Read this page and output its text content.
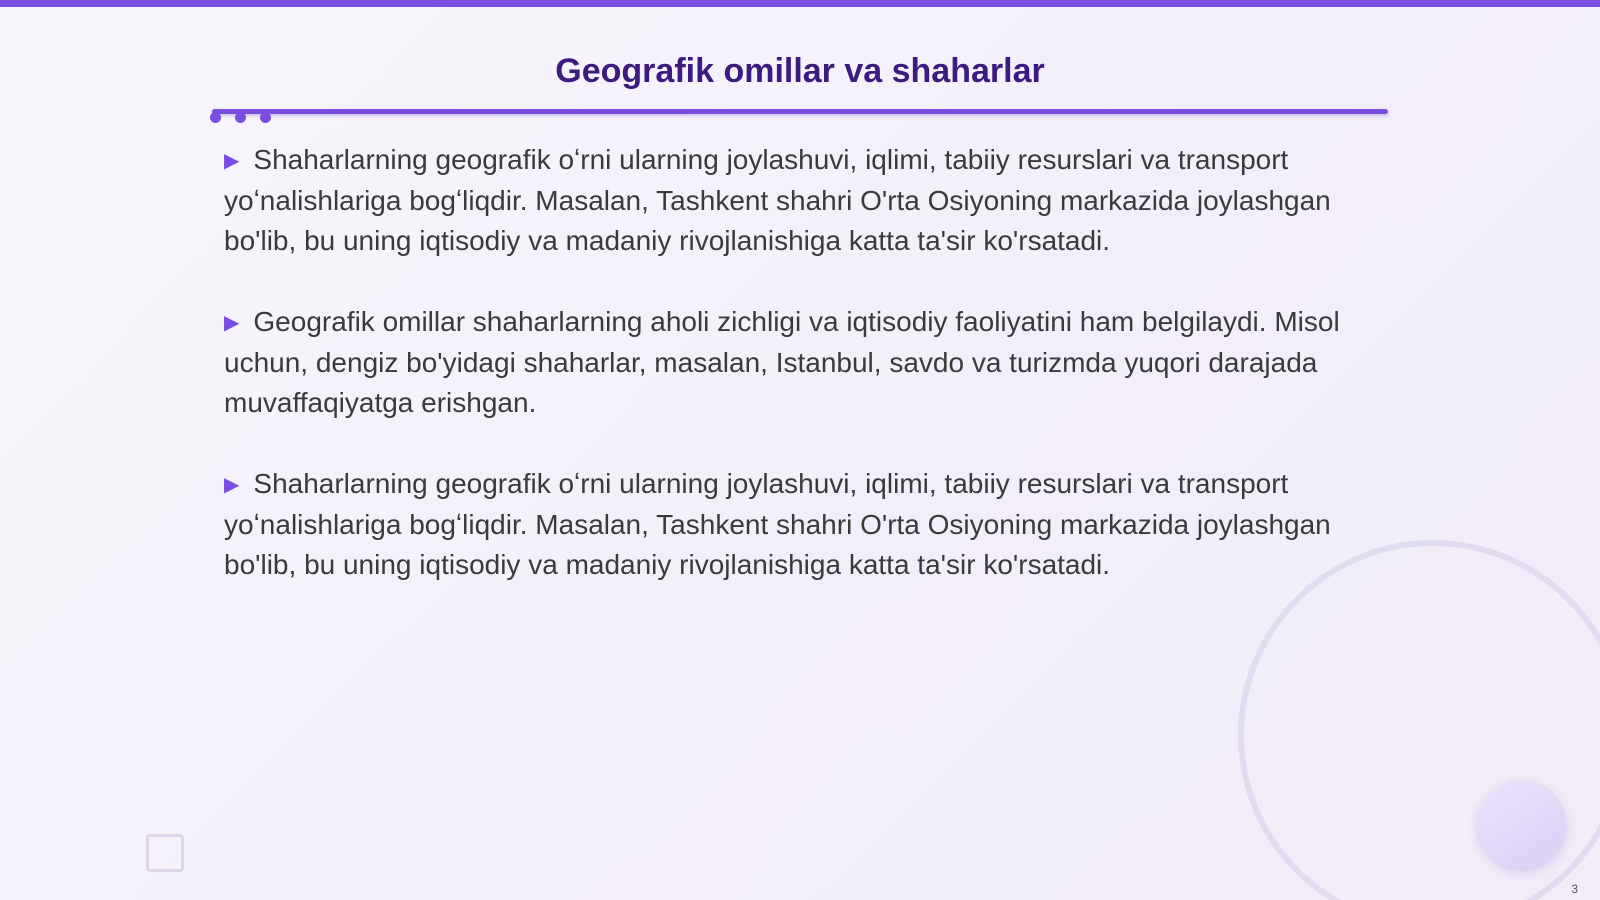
Geografik omillar va shaharlar

▶ Shaharlarning geografik oʻrni ularning joylashuvi, iqlimi, tabiiy resurslari va transport yoʻnalishlariga bogʻliqdir. Masalan, Tashkent shahri O'rta Osiyoning markazida joylashgan bo'lib, bu uning iqtisodiy va madaniy rivojlanishiga katta ta'sir ko'rsatadi.

▶ Geografik omillar shaharlarning aholi zichligi va iqtisodiy faoliyatini ham belgilaydi. Misol uchun, dengiz bo'yidagi shaharlar, masalan, Istanbul, savdo va turizmda yuqori darajada muvaffaqiyatga erishgan.

▶ Shaharlarning geografik oʻrni ularning joylashuvi, iqlimi, tabiiy resurslari va transport yoʻnalishlariga bogʻliqdir. Masalan, Tashkent shahri O'rta Osiyoning markazida joylashgan bo'lib, bu uning iqtisodiy va madaniy rivojlanishiga katta ta'sir ko'rsatadi.

3
